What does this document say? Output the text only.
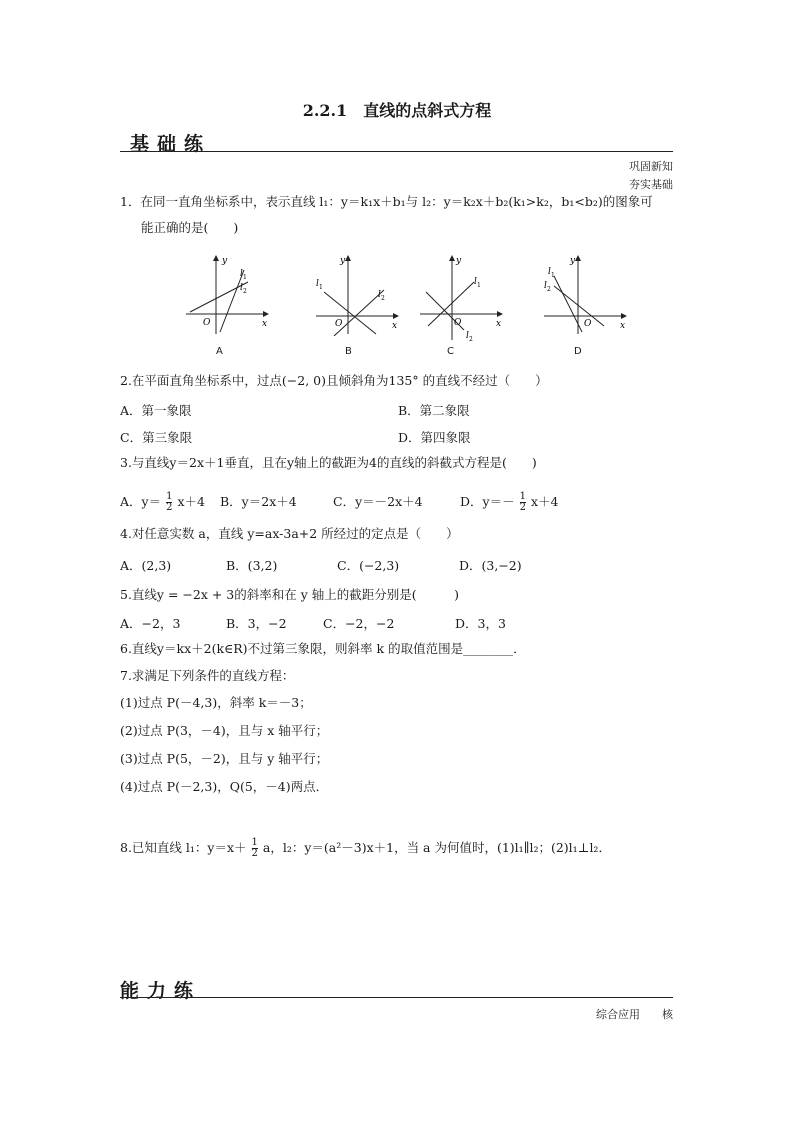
2.2.1　直线的点斜式方程
基础练
巩固新知
夯实基础
1．在同一直角坐标系中，表示直线 l₁：y＝k₁x＋b₁与 l₂：y＝k₂x＋b₂(k₁>k₂，b₁<b₂)的图象可
能正确的是(　　)
y
x
O
l 1
l 2
A
y
x
O
l 1
l 2
B
y
x
O
l 1
l 2
C
y
x
O
l 1
l 2
D
2.在平面直角坐标系中，过点(−2, 0)且倾斜角为135° 的直线不经过（　　）
A．第一象限	B．第二象限
C．第三象限	D．第四象限
3.与直线y＝2x＋1垂直，且在y轴上的截距为4的直线的斜截式方程是(　　)
A．$y= \frac{1}{2} x+4$ B．y＝2x＋4	C．y＝－2x＋4	D．$y=- \frac{1}{2} x+4$
4.对任意实数 a，直线 y=ax-3a+2 所经过的定点是（　　）
A．(2,3)	B．(3,2)	C．(−2,3)	D．(3,−2)
5.直线y = −2x + 3的斜率和在 y 轴上的截距分别是(　　　)
A．−2，3	B．3，−2	C．−2，−2	D．3，3
6.直线y＝kx＋2(k∈R)不过第三象限，则斜率 k 的取值范围是________．
7.求满足下列条件的直线方程：
(1)过点 P(－4,3)，斜率 k＝－3；
(2)过点 P(3，－4)，且与 x 轴平行；
(3)过点 P(5，－2)，且与 y 轴平行；
(4)过点 P(－2,3)，Q(5，－4)两点．
8.已知直线 l₁：$y=x+ \frac{1}{2}$ a，l₂：y＝(a²－3)x＋1，当 a 为何值时，(1)l₁∥l₂；(2)l₁⊥l₂．
能力练
综合应用　　核
